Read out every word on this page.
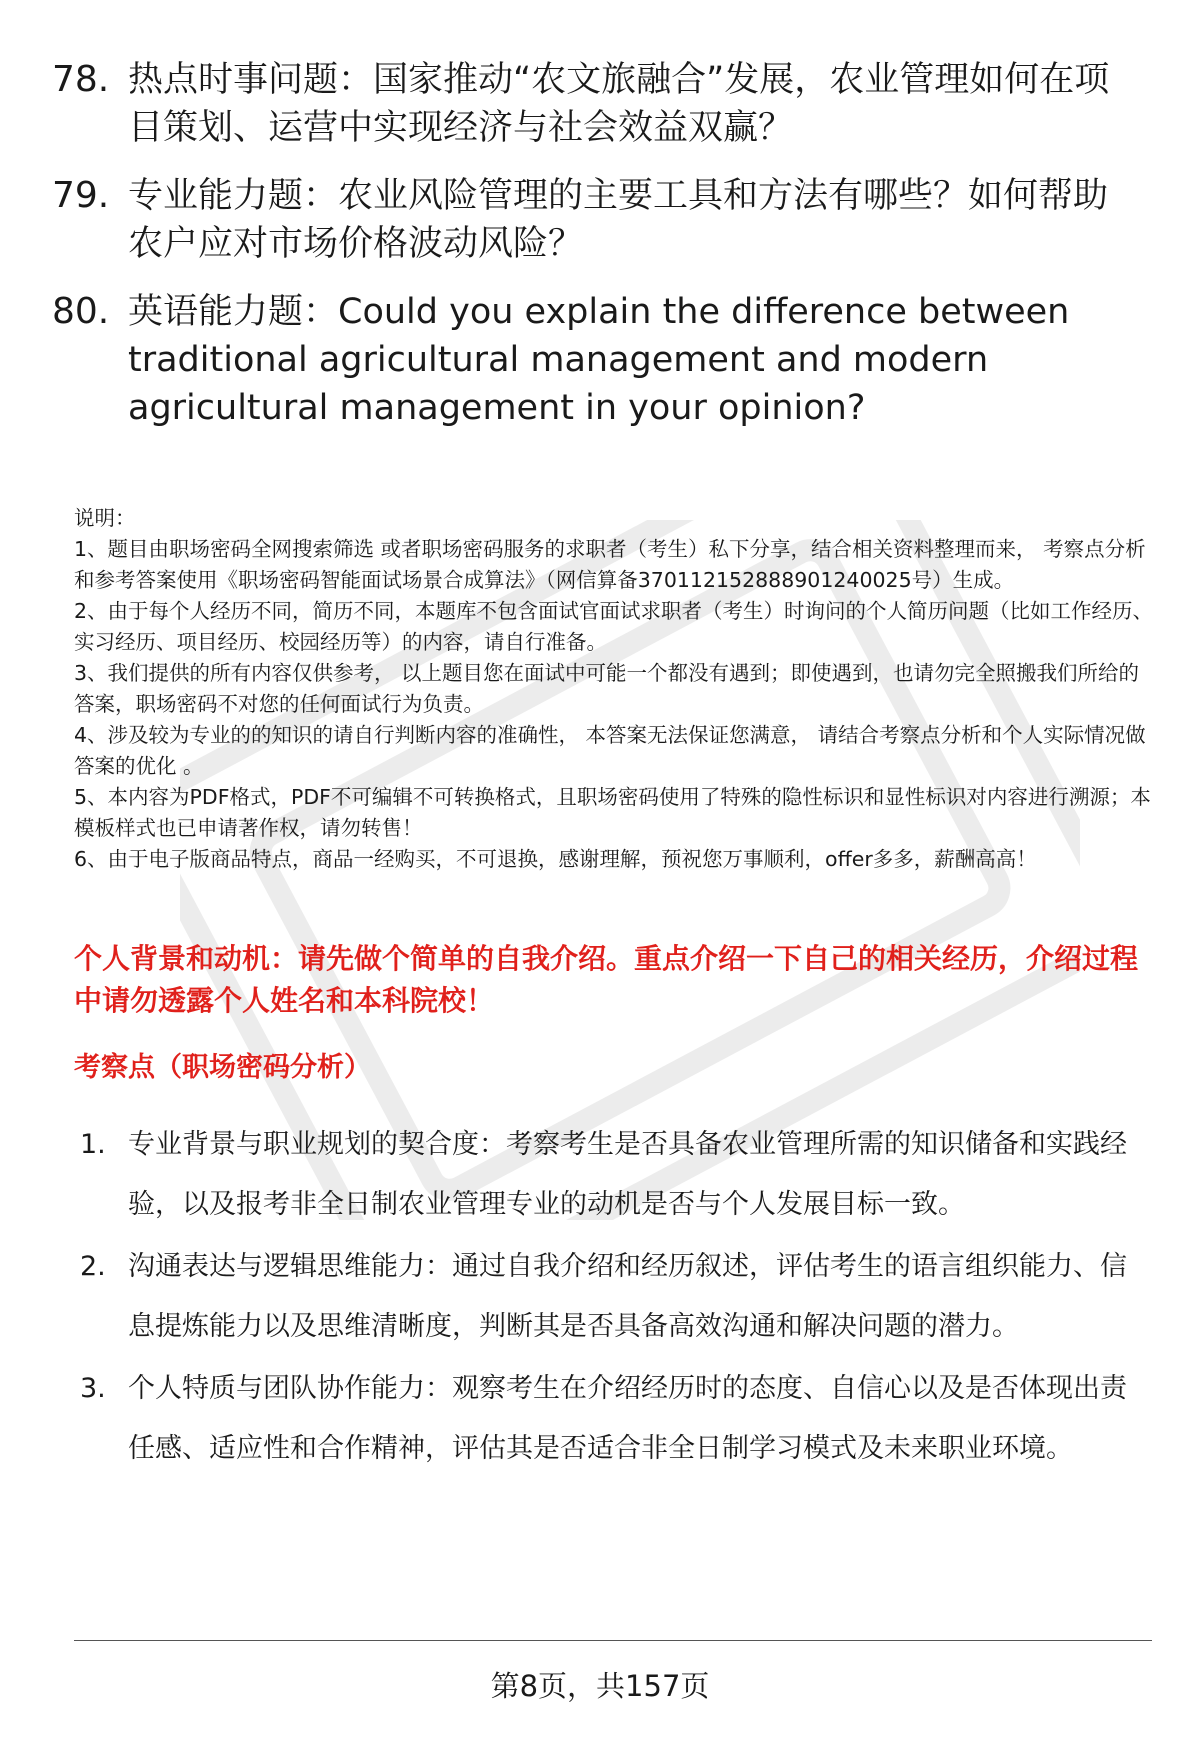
78. 热点时事问题：国家推动“农文旅融合”发展，农业管理如何在项目策划、运营中实现经济与社会效益双赢？
79. 专业能力题：农业风险管理的主要工具和方法有哪些？如何帮助农户应对市场价格波动风险？
80. 英语能力题：Could you explain the difference between traditional agricultural management and modern agricultural management in your opinion?

说明：

1、题目由职场密码全网搜索筛选 或者职场密码服务的求职者（考生）私下分享，结合相关资料整理而来， 考察点分析和参考答案使用《职场密码智能面试场景合成算法》（网信算备370112152888901240025号）生成。

2、由于每个人经历不同，简历不同，本题库不包含面试官面试求职者（考生）时询问的个人简历问题（比如工作经历、实习经历、项目经历、校园经历等）的内容，请自行准备。

3、我们提供的所有内容仅供参考， 以上题目您在面试中可能一个都没有遇到；即使遇到，也请勿完全照搬我们所给的答案，职场密码不对您的任何面试行为负责。

4、涉及较为专业的的知识的请自行判断内容的准确性， 本答案无法保证您满意， 请结合考察点分析和个人实际情况做答案的优化 。

5、本内容为PDF格式，PDF不可编辑不可转换格式，且职场密码使用了特殊的隐性标识和显性标识对内容进行溯源；本模板样式也已申请著作权，请勿转售！

6、由于电子版商品特点，商品一经购买，不可退换，感谢理解，预祝您万事顺利，offer多多，薪酬高高！

个人背景和动机：请先做个简单的自我介绍。重点介绍一下自己的相关经历，介绍过程中请勿透露个人姓名和本科院校！
考察点（职场密码分析）
1. 专业背景与职业规划的契合度：考察考生是否具备农业管理所需的知识储备和实践经验，以及报考非全日制农业管理专业的动机是否与个人发展目标一致。
2. 沟通表达与逻辑思维能力：通过自我介绍和经历叙述，评估考生的语言组织能力、信息提炼能力以及思维清晰度，判断其是否具备高效沟通和解决问题的潜力。
3. 个人特质与团队协作能力：观察考生在介绍经历时的态度、自信心以及是否体现出责任感、适应性和合作精神，评估其是否适合非全日制学习模式及未来职业环境。
第8页，共157页
